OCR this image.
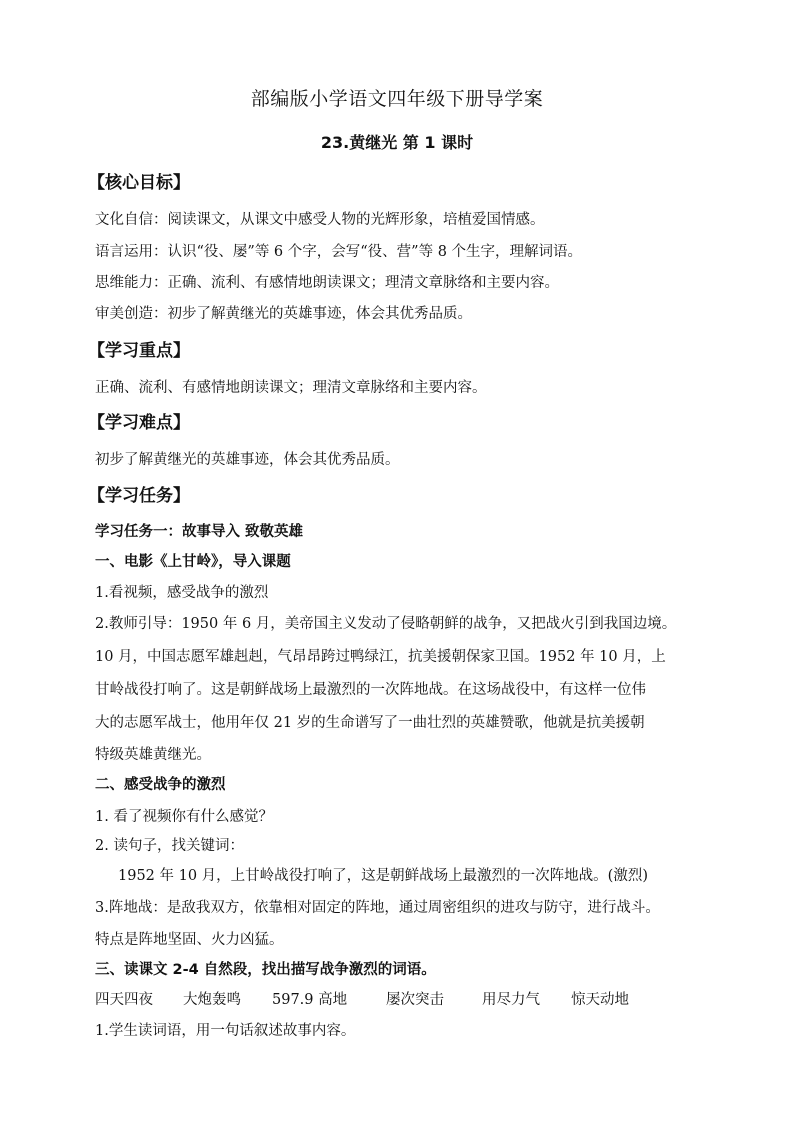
部编版小学语文四年级下册导学案
23.黄继光 第 1 课时
【核心目标】
文化自信：阅读课文，从课文中感受人物的光辉形象，培植爱国情感。
语言运用：认识“役、屡”等 6 个字，会写“役、营”等 8 个生字，理解词语。
思维能力：正确、流利、有感情地朗读课文；理清文章脉络和主要内容。
审美创造：初步了解黄继光的英雄事迹，体会其优秀品质。
【学习重点】
正确、流利、有感情地朗读课文；理清文章脉络和主要内容。
【学习难点】
初步了解黄继光的英雄事迹，体会其优秀品质。
【学习任务】
学习任务一：故事导入 致敬英雄
一、电影《上甘岭》，导入课题
1.看视频，感受战争的激烈
2.教师引导：1950 年 6 月，美帝国主义发动了侵略朝鲜的战争，又把战火引到我国边境。
10 月，中国志愿军雄赳赳，气昂昂跨过鸭绿江，抗美援朝保家卫国。1952 年 10 月，上
甘岭战役打响了。这是朝鲜战场上最激烈的一次阵地战。在这场战役中，有这样一位伟
大的志愿军战士，他用年仅 21 岁的生命谱写了一曲壮烈的英雄赞歌，他就是抗美援朝
特级英雄黄继光。
二、感受战争的激烈
1. 看了视频你有什么感觉？
2. 读句子，找关键词：
1952 年 10 月，上甘岭战役打响了，这是朝鲜战场上最激烈的一次阵地战。(激烈)
3.阵地战：是敌我双方，依靠相对固定的阵地，通过周密组织的进攻与防守，进行战斗。
特点是阵地坚固、火力凶猛。
三、读课文 2-4 自然段，找出描写战争激烈的词语。
四天四夜 大炮轰鸣 597.9 高地	屡次突击	用尽力气 惊天动地
1.学生读词语，用一句话叙述故事内容。
